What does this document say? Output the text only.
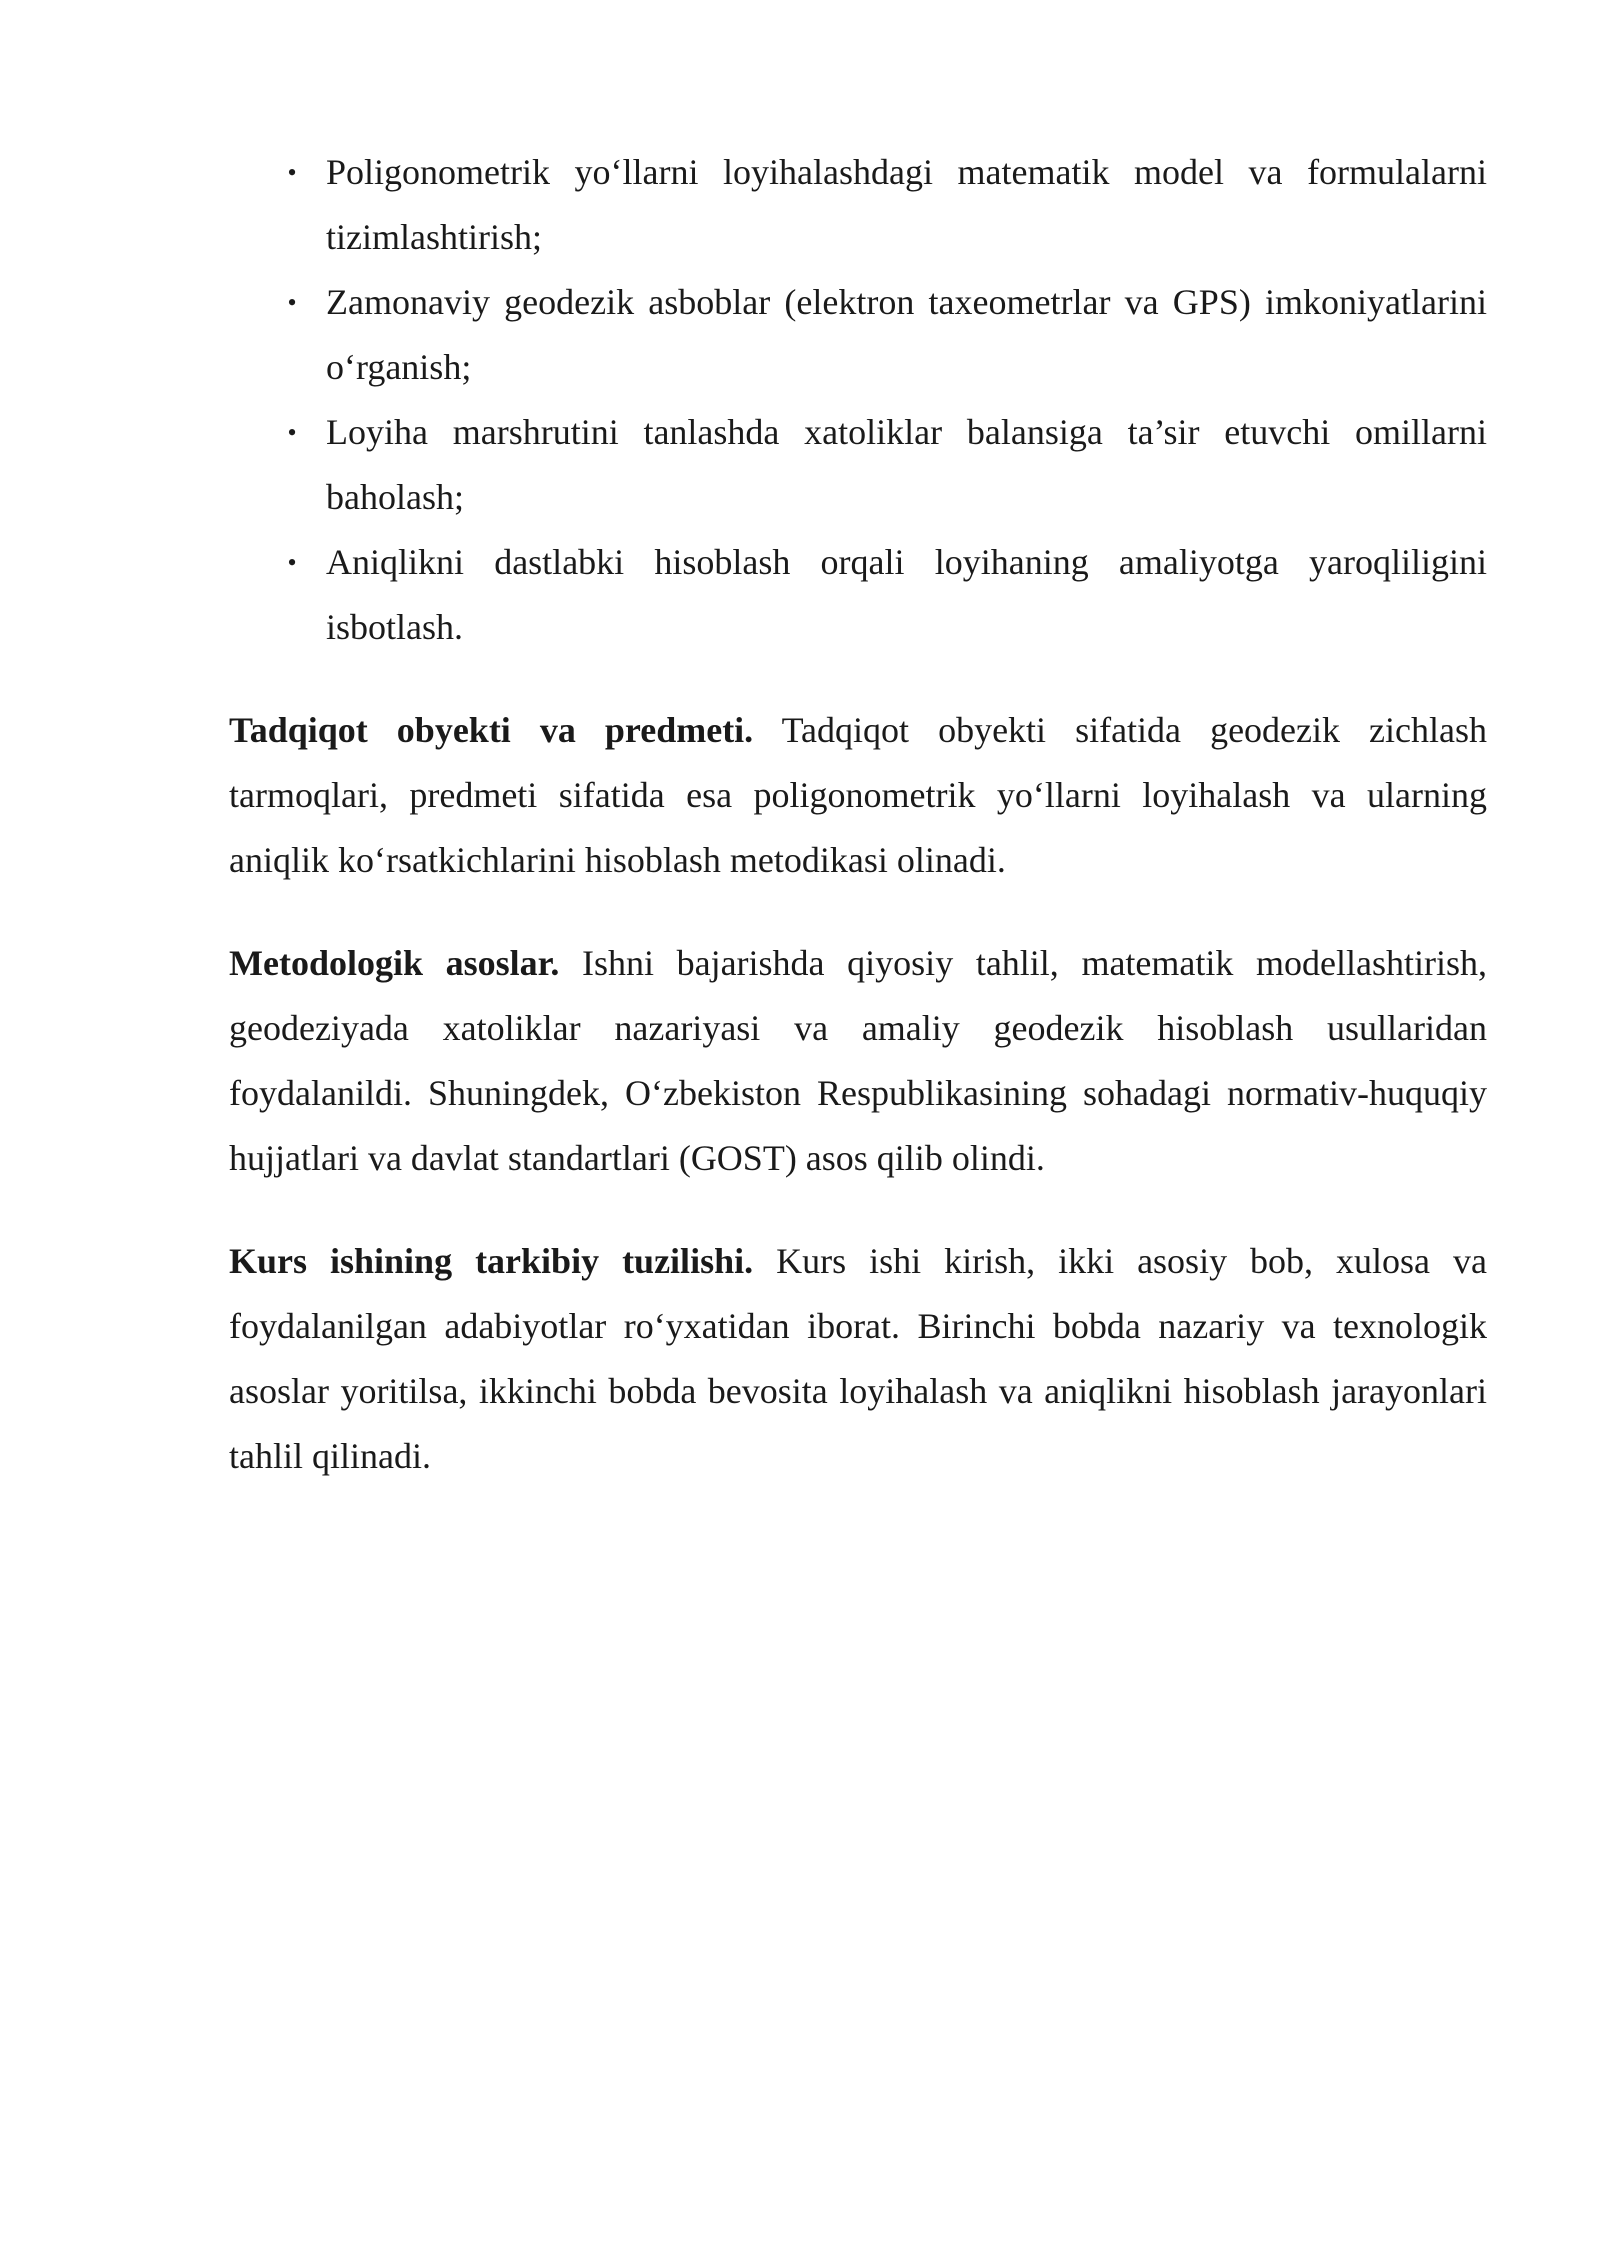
• Poligonometrik yo‘llarni loyihalashdagi matematik model va formulalarni tizimlashtirish;
• Zamonaviy geodezik asboblar (elektron taxeometrlar va GPS) imkoniyatlarini o‘rganish;
• Loyiha marshrutini tanlashda xatoliklar balansiga ta’sir etuvchi omillarni baholash;
• Aniqlikni dastlabki hisoblash orqali loyihaning amaliyotga yaroqliligini isbotlash.

Tadqiqot obyekti va predmeti. Tadqiqot obyekti sifatida geodezik zichlash tarmoqlari, predmeti sifatida esa poligonometrik yo‘llarni loyihalash va ularning aniqlik ko‘rsatkichlarini hisoblash metodikasi olinadi.

Metodologik asoslar. Ishni bajarishda qiyosiy tahlil, matematik modellashtirish, geodeziyada xatoliklar nazariyasi va amaliy geodezik hisoblash usullaridan foydalanildi. Shuningdek, O‘zbekiston Respublikasining sohadagi normativ-huquqiy hujjatlari va davlat standartlari (GOST) asos qilib olindi.

Kurs ishining tarkibiy tuzilishi. Kurs ishi kirish, ikki asosiy bob, xulosa va foydalanilgan adabiyotlar ro‘yxatidan iborat. Birinchi bobda nazariy va texnologik asoslar yoritilsa, ikkinchi bobda bevosita loyihalash va aniqlikni hisoblash jarayonlari tahlil qilinadi.
